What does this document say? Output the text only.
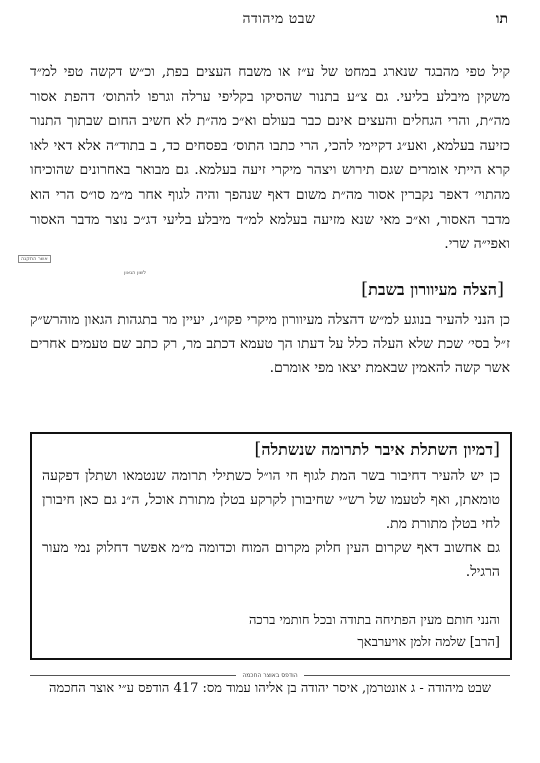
תו
שבט מיהודה
קיל טפי מהבגד שנארג במחט של ע״ז או משבח העצים בפת, וכ״ש דקשה טפי למ״ד משקין מיבלע בליעי. גם צ״ע בתנור שהסיקו בקליפי ערלה וגרפו להתוס׳ דהפת אסור מה״ת, והרי הגחלים והעצים אינם כבר בעולם וא״כ מה״ת לא חשיב החום שבתוך התנור כזיעה בעלמא, ואע״ג דקיימי להכי, הרי כתבו התוס׳ בפסחים כד, ב בתוד״ה אלא דאי לאו קרא הייתי אומרים שגם תירוש ויצהר מיקרי זיעה בעלמא. גם מבואר באחרונים שהוכיחו מהתוי׳ דאפר נקברין אסור מה״ת משום דאף שנהפך והיה לגוף אחר מ״מ סו״ס הרי הוא מדבר האסור, וא״כ מאי שנא מזיעה בעלמא למ״ד מיבלע בליעי דג״כ נוצר מדבר האסור ואפי״ה שרי.
אשר התקנה
לשון הגאון
[הצלה מעיוורון בשבת]
כן הנני להעיר בנוגע למ״ש דהצלה מעיוורון מיקרי פקו״נ, יעיין מר בתגהות הגאון מוהרש״ק ז״ל בסי׳ שכת שלא העלה כלל על דעתו הך טעמא דכתב מר, רק כתב שם טעמים אחרים אשר קשה להאמין שבאמת יצאו מפי אומרם.
[דמיון השתלת איבר לתרומה שנשתלה]
כן יש להעיר דחיבור בשר המת לגוף חי הו״ל כשתילי תרומה שנטמאו ושתלן דפקעה טומאתן, ואף לטעמו של רש״י שחיבורן לקרקע בטלן מתורת אוכל, ה״נ גם כאן חיבורן לחי בטלן מתורת מת.
גם אחשוב דאף שקרום העין חלוק מקרום המוח וכדומה מ״מ אפשר דחלוק נמי מעור הרגיל.
והנני חותם מעין הפתיחה בתודה ובכל חותמי ברכה
[הרב] שלמה זלמן אויערבאך
הודפס באוצר החכמה
שבט מיהודה - ג אונטרמן, איסר יהודה בן אליהו עמוד מס: 417 הודפס ע״י אוצר החכמה
